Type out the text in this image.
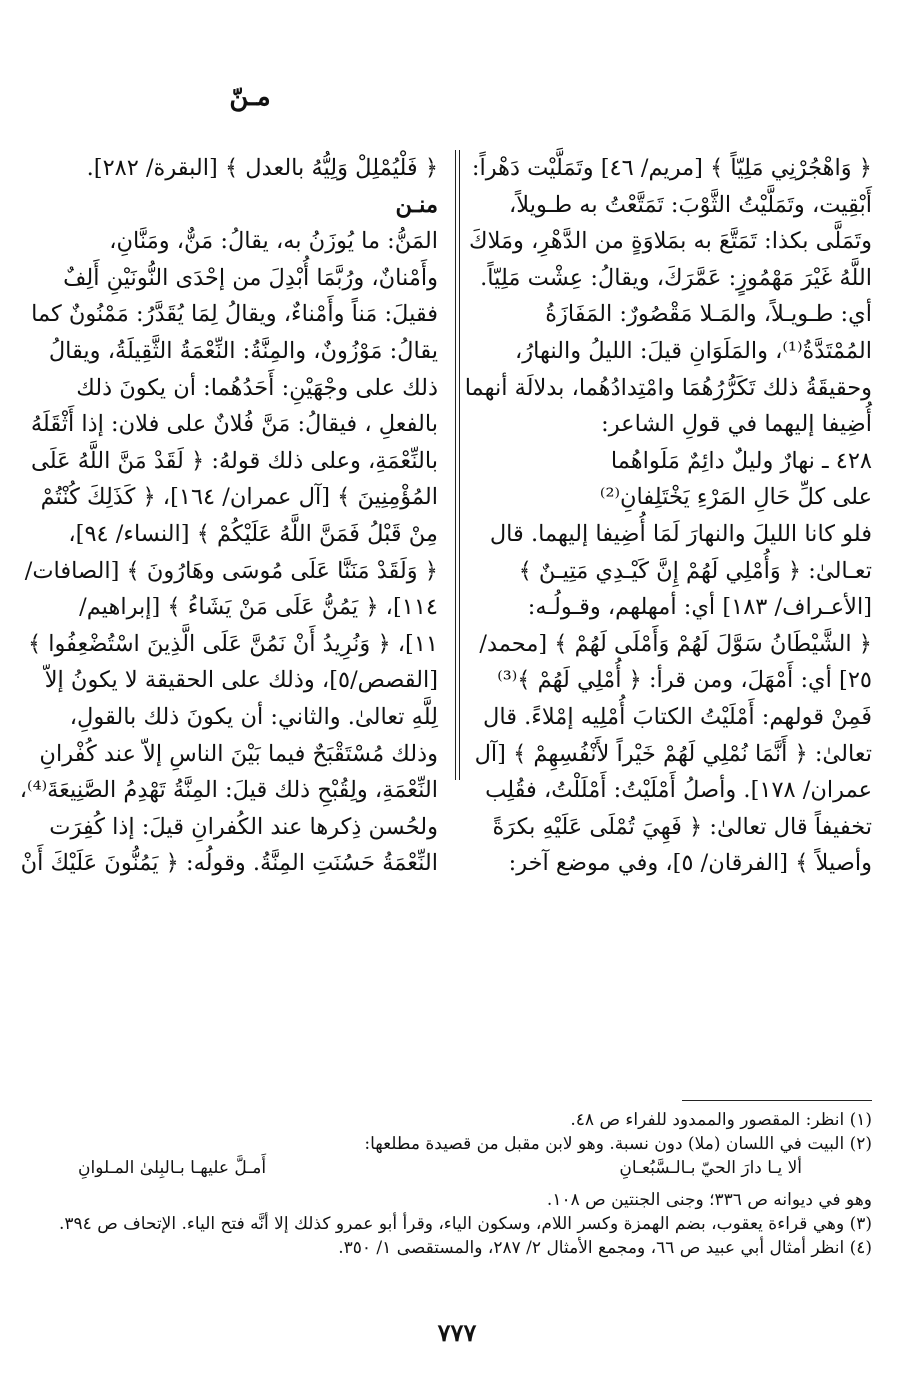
مـنّ
﴿ وَاهْجُرْنِي مَلِيّاً ﴾ [مريم/ ٤٦] وتَمَلَّيْت دَهْراً:
أَبْقِيت، وتَمَلَّيْتُ الثَّوْبَ: تَمَتَّعْتُ به طـويلاً،
وتَمَلَّى بكذا: تَمَتَّعَ به بمَلاوَةٍ من الدَّهْرِ، ومَلاكَ
اللَّهُ غَيْرَ مَهْمُوزٍ: عَمَّرَكَ، ويقالُ: عِشْت مَلِيّاً.
أي: طـويـلاً، والمَـلا مَقْصُورٌ: المَفَازَةُ
المُمْتَدَّةُ⁽¹⁾، والمَلَوَانِ قيلَ: الليلُ والنهارُ،
وحقيقَةُ ذلك تَكَرُّرُهُمَا وامْتِدادُهُما، بدلالَة أنهما
أُضِيفا إليهما في قولِ الشاعر:
٤٢٨ ـ نهارٌ وليلٌ دائِمٌ مَلَواهُما
على كلِّ حَالِ المَرْءِ يَخْتَلِفانِ⁽²⁾
فلو كانا الليلَ والنهارَ لَمَا أُضِيفا إليهما. قال
تعـالىٰ: ﴿ وَأُمْلِي لَهُمْ إِنَّ كَيْـدِي مَتِيـنٌ ﴾
[الأعـراف/ ١٨٣] أي: أمهلهم، وقـولُـه:
﴿ الشَّيْطَانُ سَوَّلَ لَهُمْ وَأَمْلَى لَهُمْ ﴾ [محمد/
٢٥] أي: أَمْهَلَ، ومن قرأ: ﴿ أُمْلِي لَهُمْ ﴾⁽³⁾
فَمِنْ قولهم: أَمْلَيْتُ الكتابَ أُمْلِيه إمْلاءً. قال
تعالىٰ: ﴿ أَنَّمَا نُمْلِي لَهُمْ خَيْراً لأَنْفُسِهِمْ ﴾ [آل
عمران/ ١٧٨]. وأصلُ أَمْلَيْتُ: أَمْلَلْتُ، فقُلِب
تخفيفاً قال تعالىٰ: ﴿ فَهِيَ تُمْلَى عَلَيْهِ بكرَةً
وأصيلاً ﴾ [الفرقان/ ٥]، وفي موضع آخر:
﴿ فَلْيُمْلِلْ وَلِيُّهُ بالعدل ﴾ [البقرة/ ٢٨٢].
منـن
المَنُّ: ما يُوزَنُ به، يقالُ: مَنٌّ، ومَنَّانِ،
وأَمْنانٌ، ورُبَّمَا أُبْدِلَ من إحْدَى النُّونَيْنِ أَلِفٌ
فقيلَ: مَناً وأَمْناءٌ، ويقالُ لِمَا يُقَدَّرُ: مَمْنُونٌ كما
يقالُ: مَوْزُونٌ، والمِنَّةُ: النِّعْمَةُ الثَّقِيلَةُ، ويقالُ
ذلك على وجْهَيْنِ: أَحَدُهُما: أن يكونَ ذلك
بالفعلِ ، فيقالُ: مَنَّ فُلانٌ على فلان: إذا أَثْقَلَهُ
بالنِّعْمَةِ، وعلى ذلك قولهُ: ﴿ لَقَدْ مَنَّ اللَّهُ عَلَى
المُؤْمِنِينَ ﴾ [آل عمران/ ١٦٤]، ﴿ كَذَلِكَ كُنْتُمْ
مِنْ قَبْلُ فَمَنَّ اللَّهُ عَلَيْكُمْ ﴾ [النساء/ ٩٤]،
﴿ وَلَقَدْ مَنَنَّا عَلَى مُوسَى وهَارُونَ ﴾ [الصافات/
١١٤]، ﴿ يَمُنُّ عَلَى مَنْ يَشَاءُ ﴾ [إبراهيم/
١١]، ﴿ وَنُرِيدُ أَنْ نَمُنَّ عَلَى الَّذِينَ اسْتُضْعِفُوا ﴾
[القصص/٥]، وذلك على الحقيقة لا يكونُ إلاّ
لِلَّهِ تعالىٰ. والثاني: أن يكونَ ذلك بالقولِ،
وذلك مُسْتَقْبَحٌ فيما بَيْنَ الناسِ إلاّ عند كُفْرانِ
النِّعْمَةِ، ولِقُبْحِ ذلك قيلَ: المِنَّةُ تَهْدِمُ الصَّنِيعَةَ⁽⁴⁾،
ولحُسن ذِكرها عند الكُفرانِ قيلَ: إذا كُفِرَت
النِّعْمَةُ حَسُنَتِ المِنَّةُ. وقولُه: ﴿ يَمُنُّونَ عَلَيْكَ أَنْ
(١) انظر: المقصور والممدود للفراء ص ٤٨.
(٢) البيت في اللسان (ملا) دون نسبة. وهو لابن مقبل من قصيدة مطلعها:
ألا يـا دارَ الحيّ بـالـسَّبُعـانِ
أَمـلَّ عليهـا بـالبِلىٰ المـلوانِ
وهو في ديوانه ص ٣٣٦؛ وجنى الجنتين ص ١٠٨.
(٣) وهي قراءة يعقوب، بضم الهمزة وكسر اللام، وسكون الياء، وقرأ أبو عمرو كذلك إلا أنَّه فتح الياء. الإتحاف ص ٣٩٤.
(٤) انظر أمثال أبي عبيد ص ٦٦، ومجمع الأمثال ٢/ ٢٨٧، والمستقصى ١/ ٣٥٠.
٧٧٧
